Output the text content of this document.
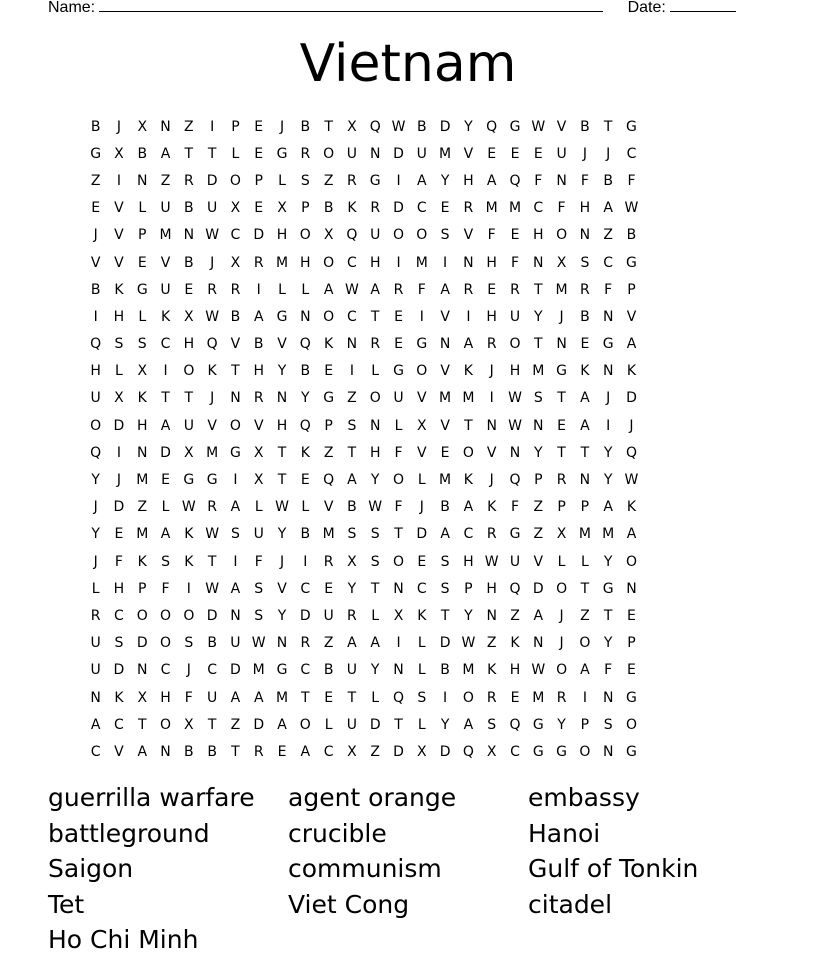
Name:	Date:
Vietnam
B	J	X N Z	I	P	E	J	B	T	X Q W B D Y Q G W V B	T G
G X B A	T	T	L	E G R O U N D U M V	E	E	E U	J	J	C
Z	I	N Z R D O P	L	S	Z R G	I	A	Y H A Q F	N	F	B	F
E	V	L	U B U X	E	X	P	B K R D C E	R M M C	F	H A W
J	V	P M N W C D H O X Q U O O S	V	F	E H O N Z B
V V	E	V B	J	X R M H O C H	I	M	I	N H	F	N X	S C G
B K G U E	R R	I	L	L	A W A R	F	A R	E	R	T M R	F	P
I	H	L	K X W B A G N O C	T	E	I	V	I	H U Y	J	B N V
Q S	S C H Q V B V Q K N R	E G N A R O T N E G A
H	L	X	I	O K	T H Y	B	E	I	L G O V K	J	H M G K N K
U X K	T	T	J	N R N Y G Z O U V M M	I	W S	T	A	J	D
O D H A U V O V H Q P	S N	L	X V	T N W N E	A	I	J
Q	I	N D X M G X	T	K Z	T H	F	V	E O V N Y	T	T	Y Q
Y	J	M E G G	I	X	T	E Q A	Y O L M K	J	Q P	R N Y W
J	D Z	L W R A	L W L	V B W F	J	B A K	F	Z	P	P	A K
Y	E M A K W S U Y	B M S	S	T D A C R G Z X M M A
J	F	K	S	K	T	I	F	J	I	R X	S O E	S H W U V	L	L	Y O
L	H P	F	I	W A	S	V C E	Y	T N C S	P H Q D O T G N
R C O O O D N S	Y D U R	L	X K	T	Y N Z A	J	Z	T	E
U S D O S	B U W N R Z A A	I	L	D W Z K N	J	O Y	P
U D N C	J	C D M G C B U Y N	L	B M K H W O A	F	E
N K X H	F	U A A M T	E	T	L Q S	I	O R	E M R	I	N G
A C	T O X	T	Z D A O L	U D T	L	Y	A	S Q G Y	P	S O
C V A N B B	T	R	E	A C X Z D X D Q X C G G O N G
guerrilla warfare	agent orange	embassy
battleground	crucible	Hanoi
Saigon	communism	Gulf of Tonkin
Tet	Viet Cong	citadel
Ho Chi Minh
